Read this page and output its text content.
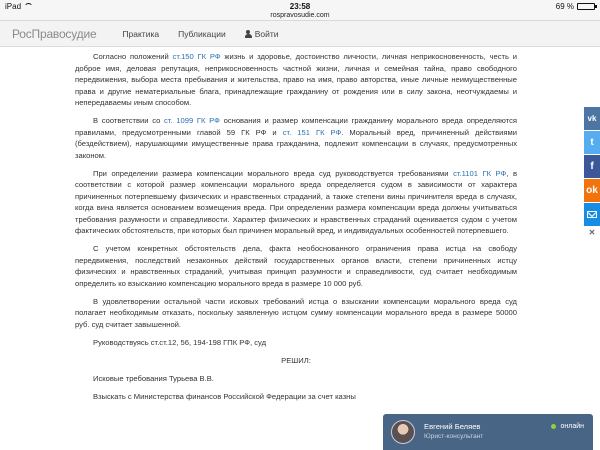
iPad	23:58	69 %
rospravosudie.com
РосПравосудие	Практика Публикации	Войти

Согласно положений ст.150 ГК РФ жизнь и здоровье, достоинство личности, личная неприкосновенность, честь и доброе имя, деловая репутация, неприкосновенность частной жизни, личная и семейная тайна, право свободного передвижения, выбора места пребывания и жительства, право на имя, право авторства, иные личные неимущественные права и другие нематериальные блага, принадлежащие гражданину от рождения или в силу закона, неотчуждаемы и непередаваемы иным способом.

В соответствии со ст. 1099 ГК РФ основания и размер компенсации гражданину морального вреда определяются правилами, предусмотренными главой 59 ГК РФ и ст. 151 ГК РФ. Моральный вред, причиненный действиями (бездействием), нарушающими имущественные права гражданина, подлежит компенсации в случаях, предусмотренных законом.

При определении размера компенсации морального вреда суд руководствуется требованиями ст.1101 ГК РФ, в соответствии с которой размер компенсации морального вреда определяется судом в зависимости от характера причиненных потерпевшему физических и нравственных страданий, а также степени вины причинителя вреда в случаях, когда вина является основанием возмещения вреда. При определении размера компенсации вреда должны учитываться требования разумности и справедливости. Характер физических и нравственных страданий оценивается судом с учетом фактических обстоятельств, при которых был причинен моральный вред, и индивидуальных особенностей потерпевшего.

С учетом конкретных обстоятельств дела, факта необоснованного ограничения права истца на свободу передвижения, последствий незаконных действий государственных органов власти, степени причиненных истцу физических и нравственных страданий, учитывая принцип разумности и справедливости, суд считает необходимым определить ко взысканию компенсацию морального вреда в размере 10 000 руб.

В удовлетворении остальной части исковых требований истца о взыскании компенсации морального вреда суд полагает необходимым отказать, поскольку заявленную истцом сумму компенсации морального вреда в размере 50000 руб. суд считает завышенной.

Руководствуясь ст.ст.12, 56, 194-198 ГПК РФ, суд

РЕШИЛ:

Исковые требования Турьева В.В.

Взыскать с Министерства финансов Российской Федерации за счет казны

vk
t
f
ok
✕
Евгений Беляев
Юрист-консультант
онлайн
